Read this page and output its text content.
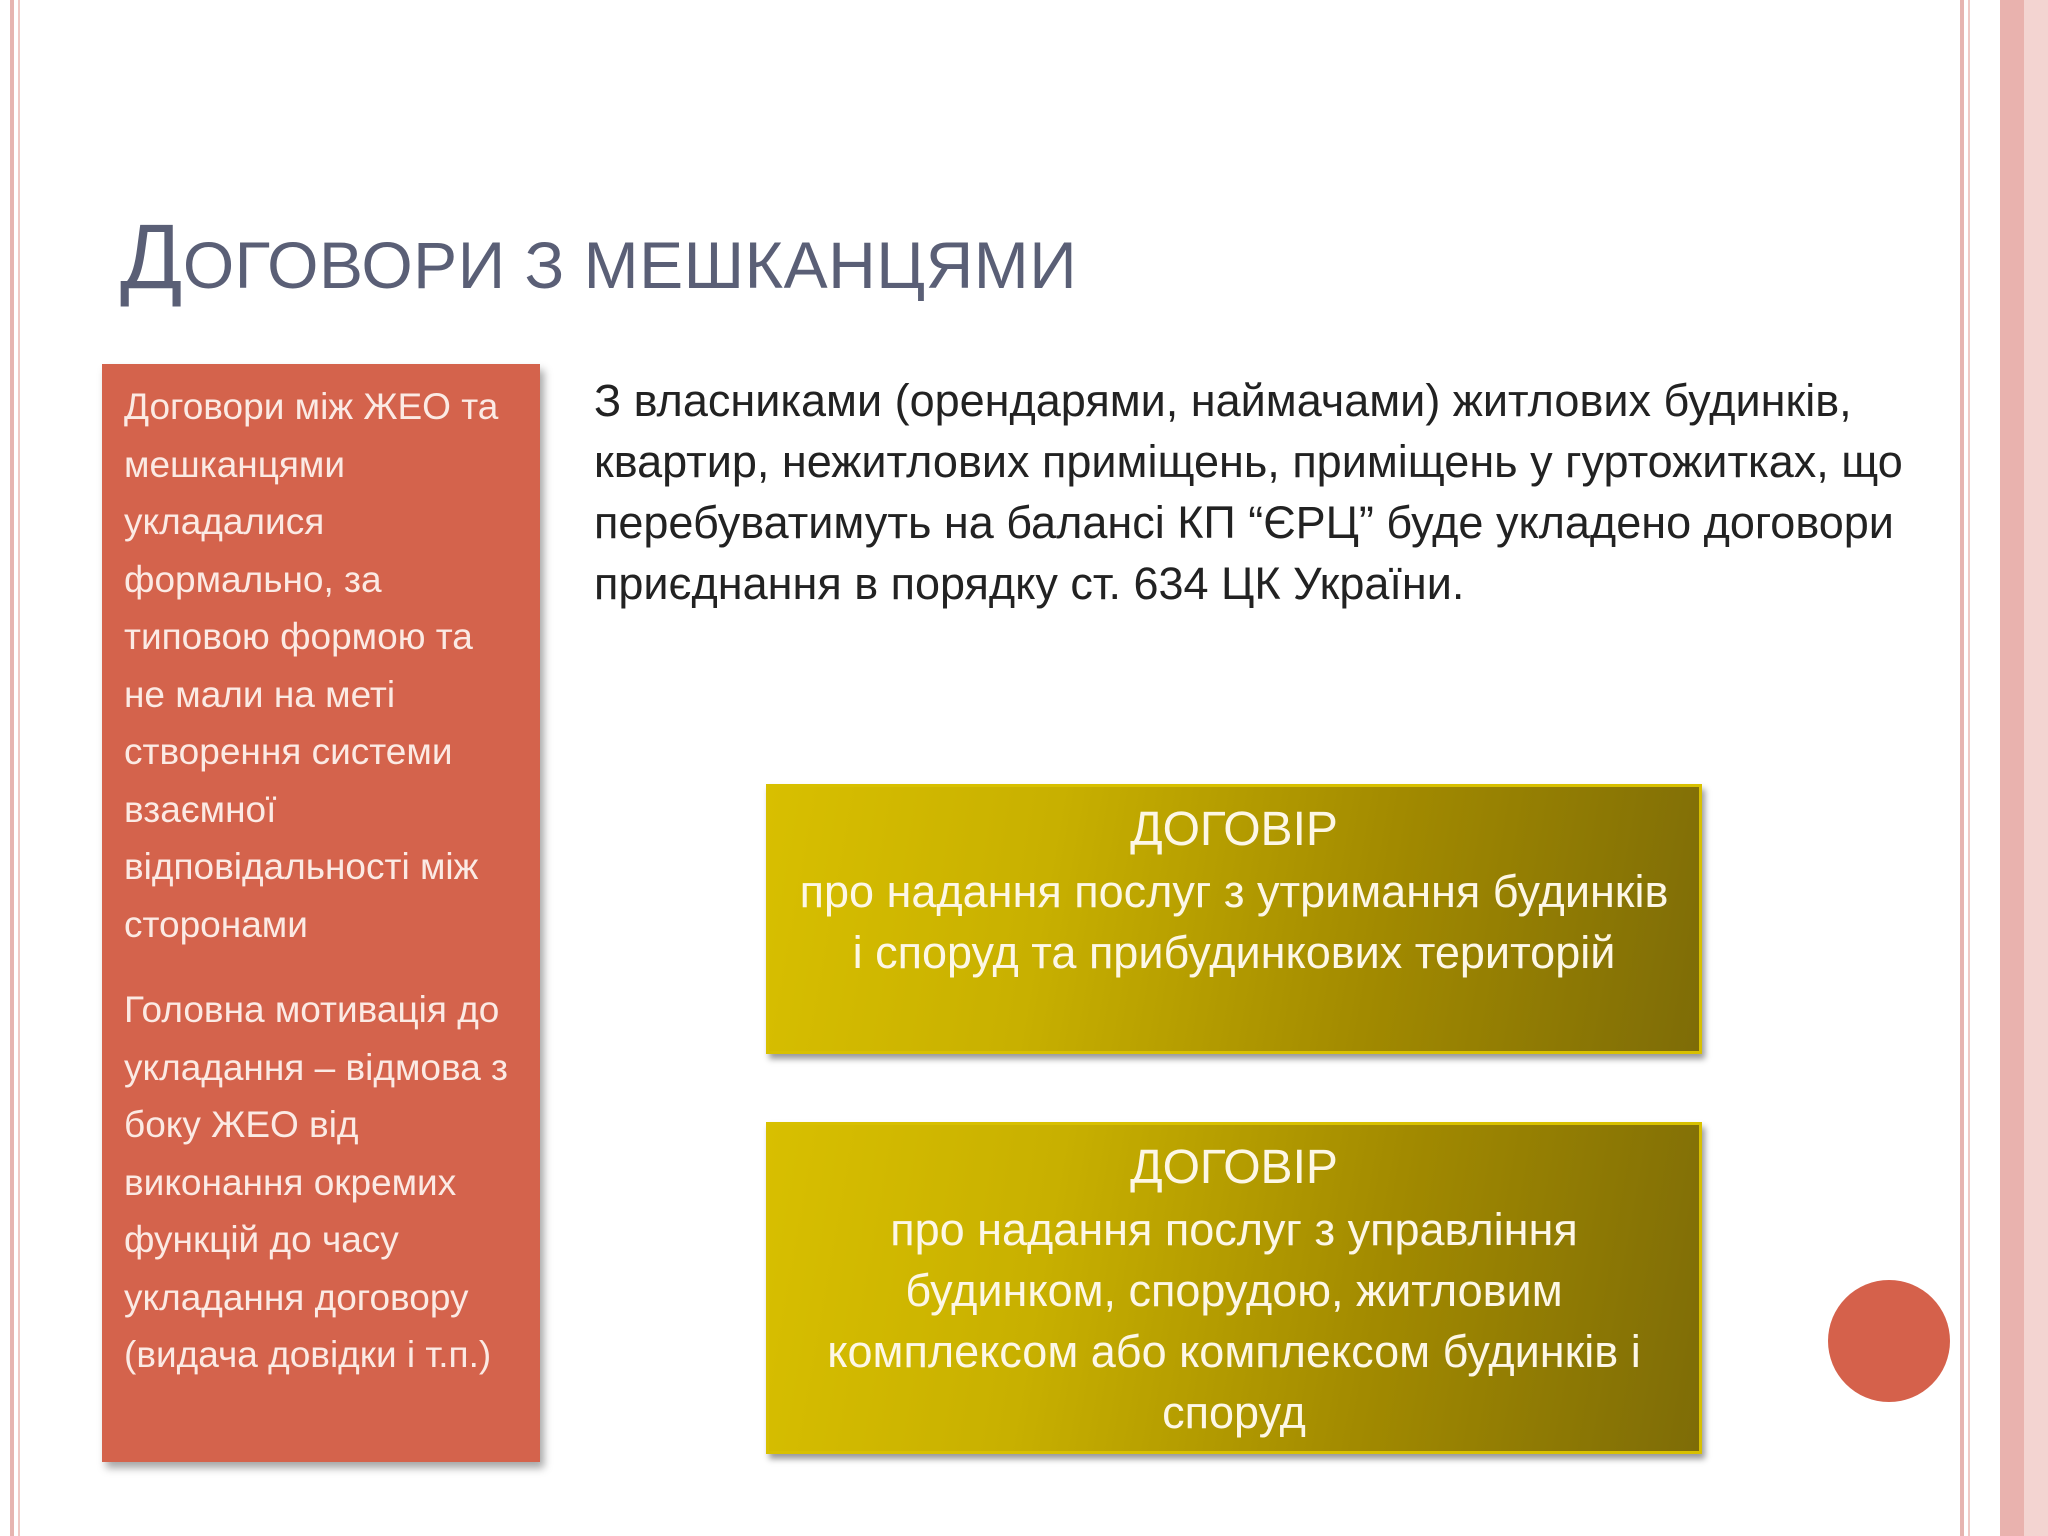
ДОГОВОРИ З МЕШКАНЦЯМИ

Договори між ЖЕО та мешканцями укладалися формально, за типовою формою та не мали на меті створення системи взаємної відповідальності між сторонами

Головна мотивація до укладання – відмова з боку ЖЕО від виконання окремих функцій до часу укладання договору (видача довідки і т.п.)

З власниками (орендарями, наймачами) житлових будинків, квартир, нежитлових приміщень, приміщень у гуртожитках, що перебуватимуть на балансі КП “ЄРЦ” буде укладено договори приєднання в порядку ст. 634 ЦК України.

ДОГОВІР
про надання послуг з утримання будинків і споруд та прибудинкових територій
ДОГОВІР
про надання послуг з управління будинком, спорудою, житловим комплексом або комплексом будинків і споруд
